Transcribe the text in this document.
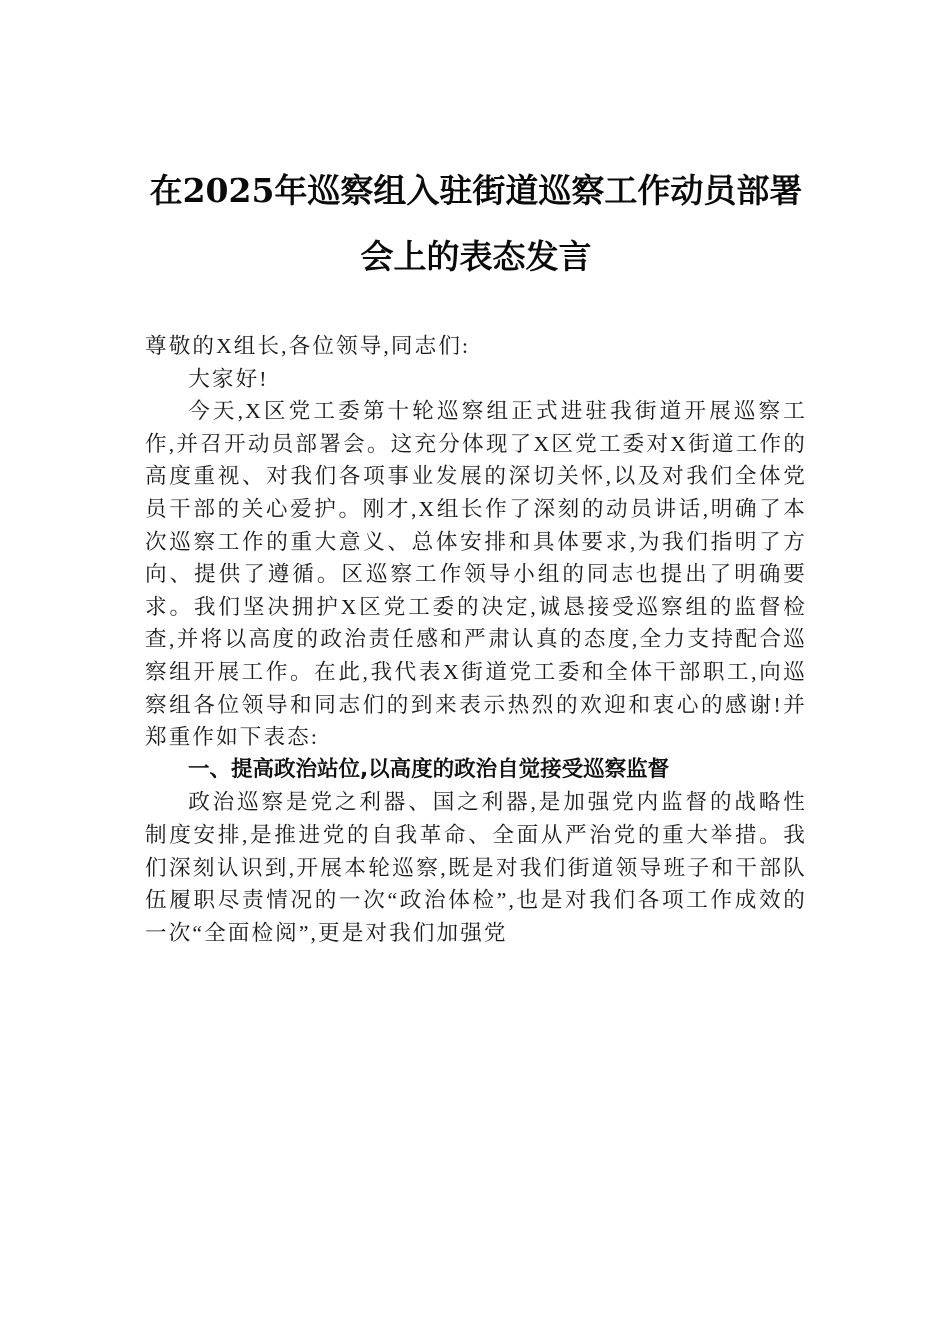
在2025年巡察组入驻街道巡察工作动员部署会上的表态发言

尊敬的X组长,各位领导,同志们:

大家好!

今天,X区党工委第十轮巡察组正式进驻我街道开展巡察工作,并召开动员部署会。这充分体现了X区党工委对X街道工作的高度重视、对我们各项事业发展的深切关怀,以及对我们全体党员干部的关心爱护。刚才,X组长作了深刻的动员讲话,明确了本次巡察工作的重大意义、总体安排和具体要求,为我们指明了方向、提供了遵循。区巡察工作领导小组的同志也提出了明确要求。我们坚决拥护X区党工委的决定,诚恳接受巡察组的监督检查,并将以高度的政治责任感和严肃认真的态度,全力支持配合巡察组开展工作。在此,我代表X街道党工委和全体干部职工,向巡察组各位领导和同志们的到来表示热烈的欢迎和衷心的感谢!并郑重作如下表态:

一、提高政治站位,以高度的政治自觉接受巡察监督

政治巡察是党之利器、国之利器,是加强党内监督的战略性制度安排,是推进党的自我革命、全面从严治党的重大举措。我们深刻认识到,开展本轮巡察,既是对我们街道领导班子和干部队伍履职尽责情况的一次“政治体检”,也是对我们各项工作成效的一次“全面检阅”,更是对我们加强党
